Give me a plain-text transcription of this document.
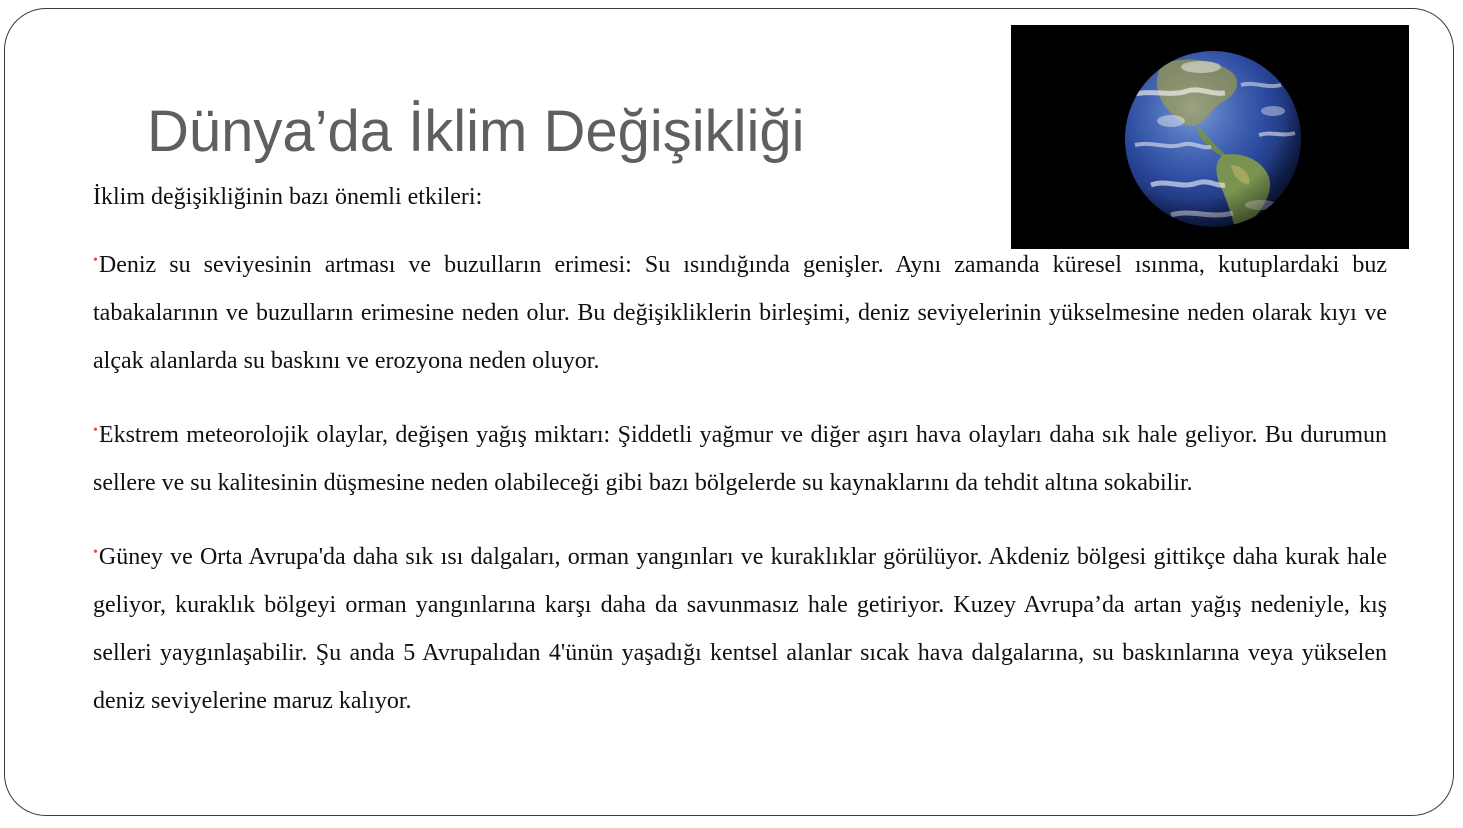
Dünya’da İklim Değişikliği

İklim değişikliğinin bazı önemli etkileri:

•Deniz su seviyesinin artması ve buzulların erimesi: Su ısındığında genişler. Aynı zamanda küresel ısınma, kutuplardaki buz tabakalarının ve buzulların erimesine neden olur. Bu değişikliklerin birleşimi, deniz seviyelerinin yükselmesine neden olarak kıyı ve alçak alanlarda su baskını ve erozyona neden oluyor.

•Ekstrem meteorolojik olaylar, değişen yağış miktarı: Şiddetli yağmur ve diğer aşırı hava olayları daha sık hale geliyor. Bu durumun sellere ve su kalitesinin düşmesine neden olabileceği gibi bazı bölgelerde su kaynaklarını da tehdit altına sokabilir.

•Güney ve Orta Avrupa'da daha sık ısı dalgaları, orman yangınları ve kuraklıklar görülüyor. Akdeniz bölgesi gittikçe daha kurak hale geliyor, kuraklık bölgeyi orman yangınlarına karşı daha da savunmasız hale getiriyor. Kuzey Avrupa’da artan yağış nedeniyle, kış selleri yaygınlaşabilir. Şu anda 5 Avrupalıdan 4'ünün yaşadığı kentsel alanlar sıcak hava dalgalarına, su baskınlarına veya yükselen deniz seviyelerine maruz kalıyor.
